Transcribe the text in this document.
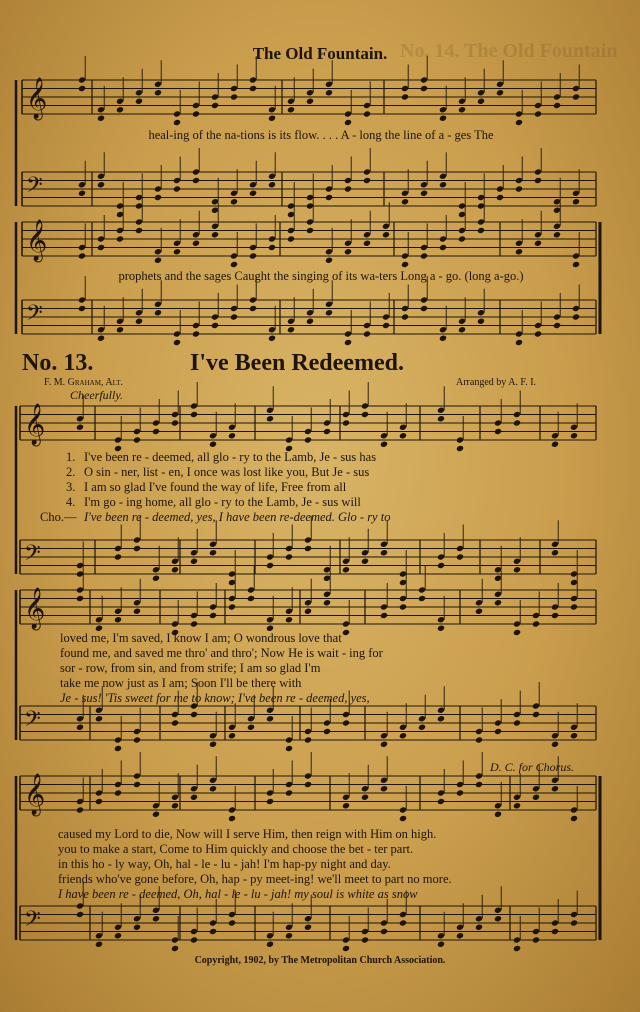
No. 14. The Old Fountain
𝄞
𝄢
𝄞
𝄢
𝄞
𝄢
𝄞
𝄢
𝄞
𝄢
The Old Fountain.
heal-ing of the na-tions is its flow. . . . A - long the line of a - ges The
prophets and the sages Caught the singing of its wa-ters Long a - go. (long a-go.)
No. 13.	I've Been Redeemed.
F. M. Graham, Alt.	Arranged by A. F. I.
Cheerfully.
1. I've been re - deemed, all glo - ry to the Lamb, Je - sus has
2. O sin - ner, list - en, I once was lost like you, But Je - sus
3. I am so glad I've found the way of life, Free from all
4. I'm go - ing home, all glo - ry to the Lamb, Je - sus will
Cho.— I've been re - deemed, yes, I have been re-deemed. Glo - ry to
loved me, I'm saved, I know I am; O wondrous love that
found me, and saved me thro' and thro'; Now He is wait - ing for
sor - row, from sin, and from strife; I am so glad I'm
take me now just as I am; Soon I'll be there with
Je - sus! 'Tis sweet for me to know; I've been re - deemed, yes,
D. C. for Chorus.
caused my Lord to die, Now will I serve Him, then reign with Him on high.
you to make a start, Come to Him quickly and choose the bet - ter part.
in this ho - ly way, Oh, hal - le - lu - jah! I'm hap-py night and day.
friends who've gone before, Oh, hap - py meet-ing! we'll meet to part no more.
I have been re - deemed, Oh, hal - le - lu - jah! my soul is white as snow
Copyright, 1902, by The Metropolitan Church Association.
